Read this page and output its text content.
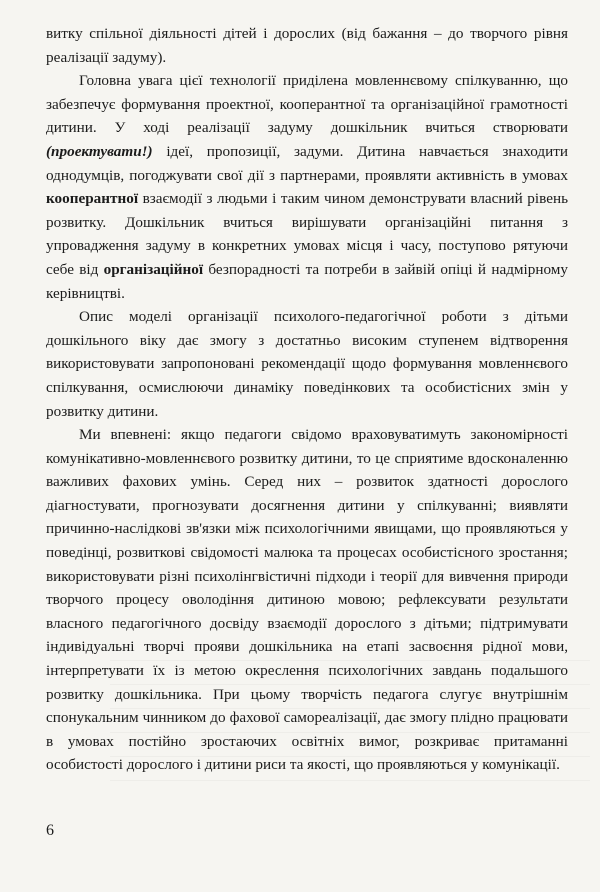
витку спільної діяльності дітей і дорослих (від бажання – до творчого рівня реалізації задуму).

Головна увага цієї технології приділена мовленнєвому спілкуванню, що забезпечує формування проектної, кооперантної та організаційної грамотності дитини. У ході реалізації задуму дошкільник вчиться створювати (проектувати!) ідеї, пропозиції, задуми. Дитина навчається знаходити однодумців, погоджувати свої дії з партнерами, проявляти активність в умовах кооперантної взаємодії з людьми і таким чином демонструвати власний рівень розвитку. Дошкільник вчиться вирішувати організаційні питання з упровадження задуму в конкретних умовах місця і часу, поступово рятуючи себе від організаційної безпорадності та потреби в зайвій опіці й надмірному керівництві.

Опис моделі організації психолого-педагогічної роботи з дітьми дошкільного віку дає змогу з достатньо високим ступенем відтворення використовувати запропоновані рекомендації щодо формування мовленнєвого спілкування, осмислюючи динаміку поведінкових та особистісних змін у розвитку дитини.

Ми впевнені: якщо педагоги свідомо враховуватимуть закономірності комунікативно-мовленнєвого розвитку дитини, то це сприятиме вдосконаленню важливих фахових умінь. Серед них – розвиток здатності дорослого діагностувати, прогнозувати досягнення дитини у спілкуванні; виявляти причинно-наслідкові зв'язки між психологічними явищами, що проявляються у поведінці, розвиткові свідомості малюка та процесах особистісного зростання; використовувати різні психолінгвістичні підходи і теорії для вивчення природи творчого процесу оволодіння дитиною мовою; рефлексувати результати власного педагогічного досвіду взаємодії дорослого з дітьми; підтримувати індивідуальні творчі прояви дошкільника на етапі засвоєння рідної мови, інтерпретувати їх із метою окреслення психологічних завдань подальшого розвитку дошкільника. При цьому творчість педагога слугує внутрішнім спонукальним чинником до фахової самореалізації, дає змогу плідно працювати в умовах постійно зростаючих освітніх вимог, розкриває притаманні особистості дорослого і дитини риси та якості, що проявляються у комунікації.

6
